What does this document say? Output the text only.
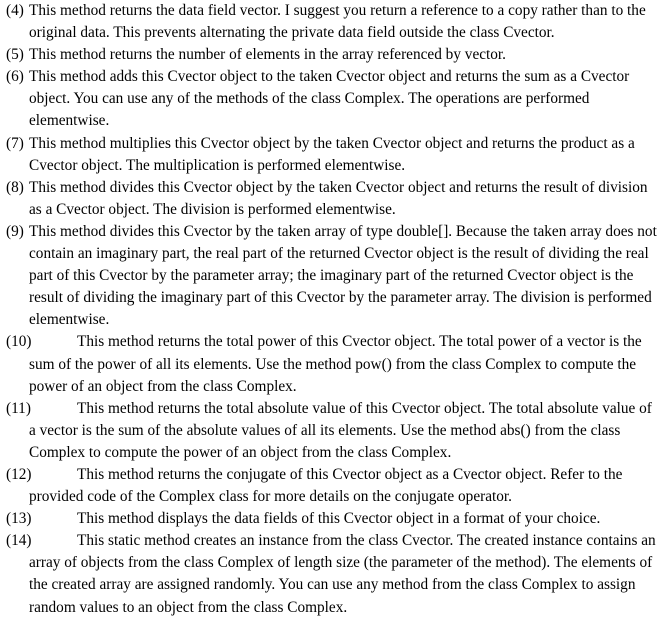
(4) This method returns the data field vector. I suggest you return a reference to a copy rather than to the original data. This prevents alternating the private data field outside the class Cvector.
(5) This method returns the number of elements in the array referenced by vector.
(6) This method adds this Cvector object to the taken Cvector object and returns the sum as a Cvector object. You can use any of the methods of the class Complex. The operations are performed elementwise.
(7) This method multiplies this Cvector object by the taken Cvector object and returns the product as a Cvector object. The multiplication is performed elementwise.
(8) This method divides this Cvector object by the taken Cvector object and returns the result of division as a Cvector object. The division is performed elementwise.
(9) This method divides this Cvector by the taken array of type double[]. Because the taken array does not contain an imaginary part, the real part of the returned Cvector object is the result of dividing the real part of this Cvector by the parameter array; the imaginary part of the returned Cvector object is the result of dividing the imaginary part of this Cvector by the parameter array. The division is performed elementwise.
(10)	This method returns the total power of this Cvector object. The total power of a vector is the sum of the power of all its elements. Use the method pow() from the class Complex to compute the power of an object from the class Complex.
(11)	This method returns the total absolute value of this Cvector object. The total absolute value of a vector is the sum of the absolute values of all its elements. Use the method abs() from the class Complex to compute the power of an object from the class Complex.
(12)	This method returns the conjugate of this Cvector object as a Cvector object. Refer to the provided code of the Complex class for more details on the conjugate operator.
(13)	This method displays the data fields of this Cvector object in a format of your choice.
(14)	This static method creates an instance from the class Cvector. The created instance contains an array of objects from the class Complex of length size (the parameter of the method). The elements of the created array are assigned randomly. You can use any method from the class Complex to assign random values to an object from the class Complex.
